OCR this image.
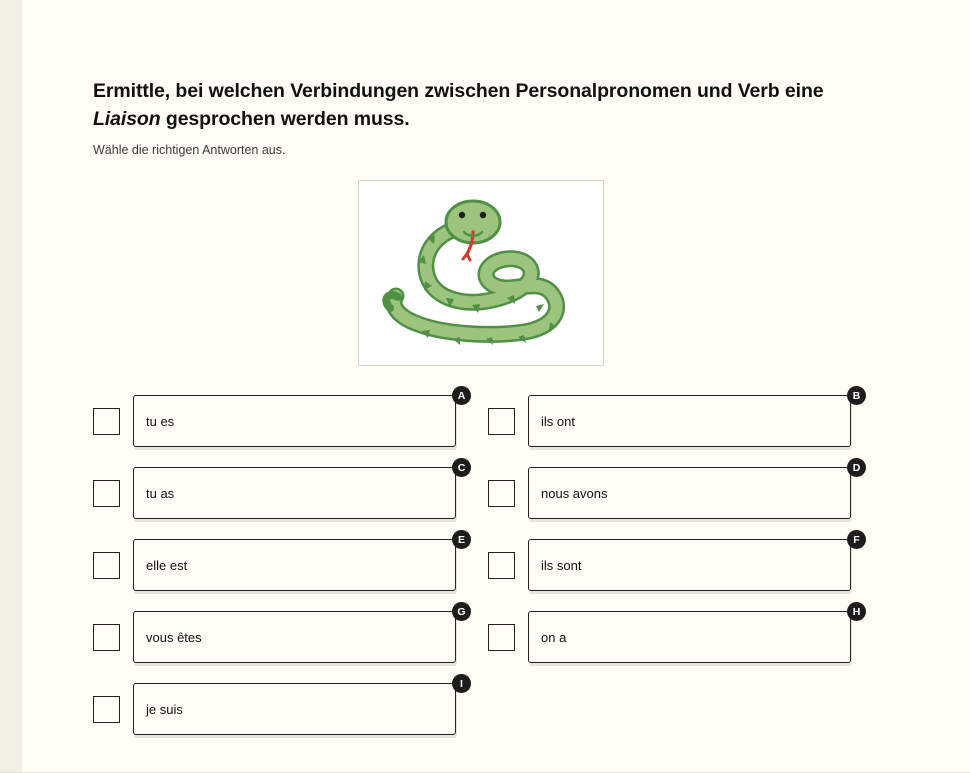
Ermittle, bei welchen Verbindungen zwischen Personalpronomen und Verb eine Liaison gesprochen werden muss.
Wähle die richtigen Antworten aus.
tu es
A
ils ont
B
tu as
C
nous avons
D
elle est
E
ils sont
F
vous êtes
G
on a
H
je suis
I
